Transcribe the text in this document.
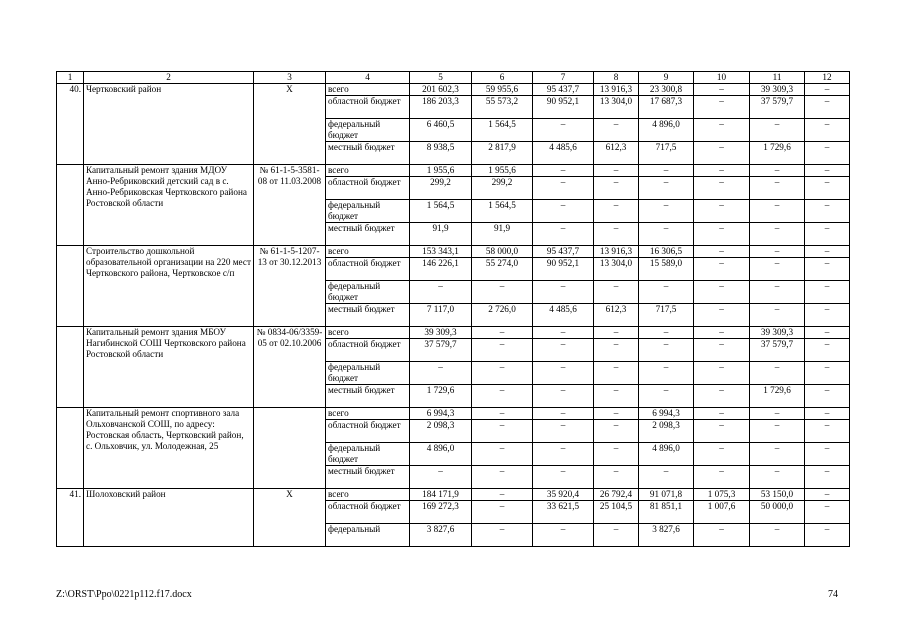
1	2	3	4	5	6	7	8	9	10	11	12
40.	Чертковский район	Х	всего	201 602,3	59 955,6	95 437,7	13 916,3	23 300,8	–	39 309,3	–
			областной бюджет	186 203,3	55 573,2	90 952,1	13 304,0	17 687,3	–	37 579,7	–
			федеральный бюджет	6 460,5	1 564,5	–	–	4 896,0	–	–	–
			местный бюджет	8 938,5	2 817,9	4 485,6	612,3	717,5	–	1 729,6	–
	Капитальный ремонт здания МДОУ Анно-Ребриковский детский сад в с. Анно-Ребриковская Чертковского района Ростовской области	№ 61-1-5-3581-08 от 11.03.2008	всего	1 955,6	1 955,6	–	–	–	–	–	–
			областной бюджет	299,2	299,2	–	–	–	–	–	–
			федеральный бюджет	1 564,5	1 564,5	–	–	–	–	–	–
			местный бюджет	91,9	91,9	–	–	–	–	–	–
	Строительство дошкольной образовательной организации на 220 мест Чертковского района, Чертковское с/п	№ 61-1-5-1207-13 от 30.12.2013	всего	153 343,1	58 000,0	95 437,7	13 916,3	16 306,5	–	–	–
			областной бюджет	146 226,1	55 274,0	90 952,1	13 304,0	15 589,0	–	–	–
			федеральный бюджет	–	–	–	–	–	–	–	–
			местный бюджет	7 117,0	2 726,0	4 485,6	612,3	717,5	–	–	–
	Капитальный ремонт здания МБОУ Нагибинской СОШ Чертковского района Ростовской области	№ 0834-06/3359-05 от 02.10.2006	всего	39 309,3	–	–	–	–	–	39 309,3	–
			областной бюджет	37 579,7	–	–	–	–	–	37 579,7	–
			федеральный бюджет	–	–	–	–	–	–	–	–
			местный бюджет	1 729,6	–	–	–	–	–	1 729,6	–
	Капитальный ремонт спортивного зала Ольховчанской СОШ, по адресу: Ростовская область, Чертковский район, с. Ольховчик, ул. Молодежная, 25		всего	6 994,3	–	–	–	6 994,3	–	–	–
			областной бюджет	2 098,3	–	–	–	2 098,3	–	–	–
			федеральный бюджет	4 896,0	–	–	–	4 896,0	–	–	–
			местный бюджет	–	–	–	–	–	–	–	–
41.	Шолоховский район	Х	всего	184 171,9	–	35 920,4	26 792,4	91 071,8	1 075,3	53 150,0	–
			областной бюджет	169 272,3	–	33 621,5	25 104,5	81 851,1	1 007,6	50 000,0	–
			федеральный	3 827,6	–	–	–	3 827,6	–	–	–
Z:\ORST\Ppo\0221p112.f17.docx	74
